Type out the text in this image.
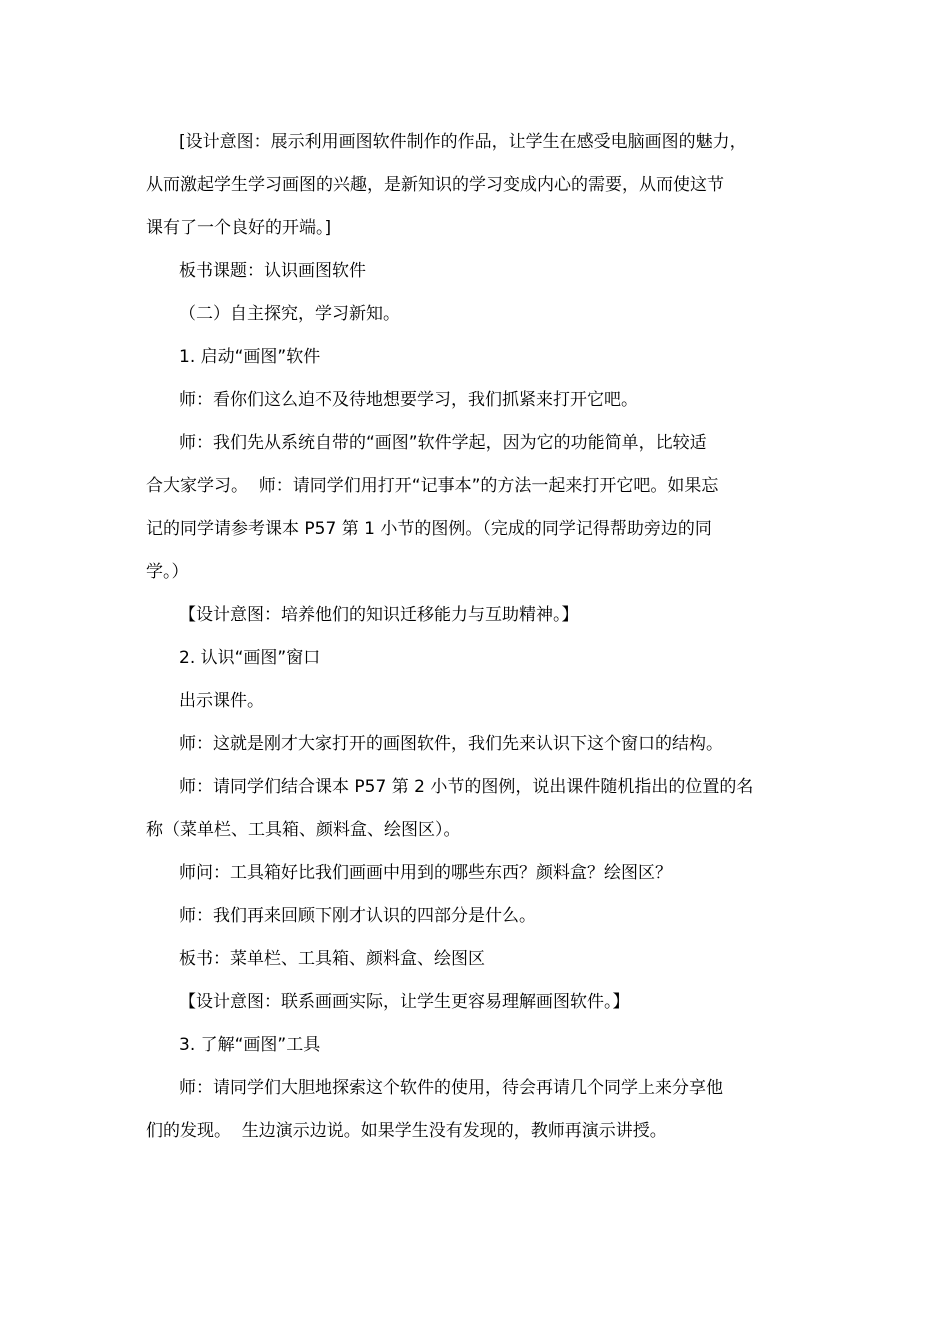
[设计意图：展示利用画图软件制作的作品，让学生在感受电脑画图的魅力，

从而激起学生学习画图的兴趣，是新知识的学习变成内心的需要，从而使这节

课有了一个良好的开端。]

板书课题：认识画图软件

（二）自主探究，学习新知。

1. 启动“画图”软件

师：看你们这么迫不及待地想要学习，我们抓紧来打开它吧。

师：我们先从系统自带的“画图”软件学起，因为它的功能简单，比较适

合大家学习。  师：请同学们用打开“记事本”的方法一起来打开它吧。如果忘

记的同学请参考课本 P57 第 1 小节的图例。（完成的同学记得帮助旁边的同

学。）

【设计意图：培养他们的知识迁移能力与互助精神。】

2. 认识“画图”窗口

出示课件。

师：这就是刚才大家打开的画图软件，我们先来认识下这个窗口的结构。

师：请同学们结合课本 P57 第 2 小节的图例，说出课件随机指出的位置的名

称（菜单栏、工具箱、颜料盒、绘图区）。

师问：工具箱好比我们画画中用到的哪些东西？颜料盒？绘图区？

师：我们再来回顾下刚才认识的四部分是什么。

板书：菜单栏、工具箱、颜料盒、绘图区

【设计意图：联系画画实际，让学生更容易理解画图软件。】

3. 了解“画图”工具

师：请同学们大胆地探索这个软件的使用，待会再请几个同学上来分享他

们的发现。  生边演示边说。如果学生没有发现的，教师再演示讲授。
